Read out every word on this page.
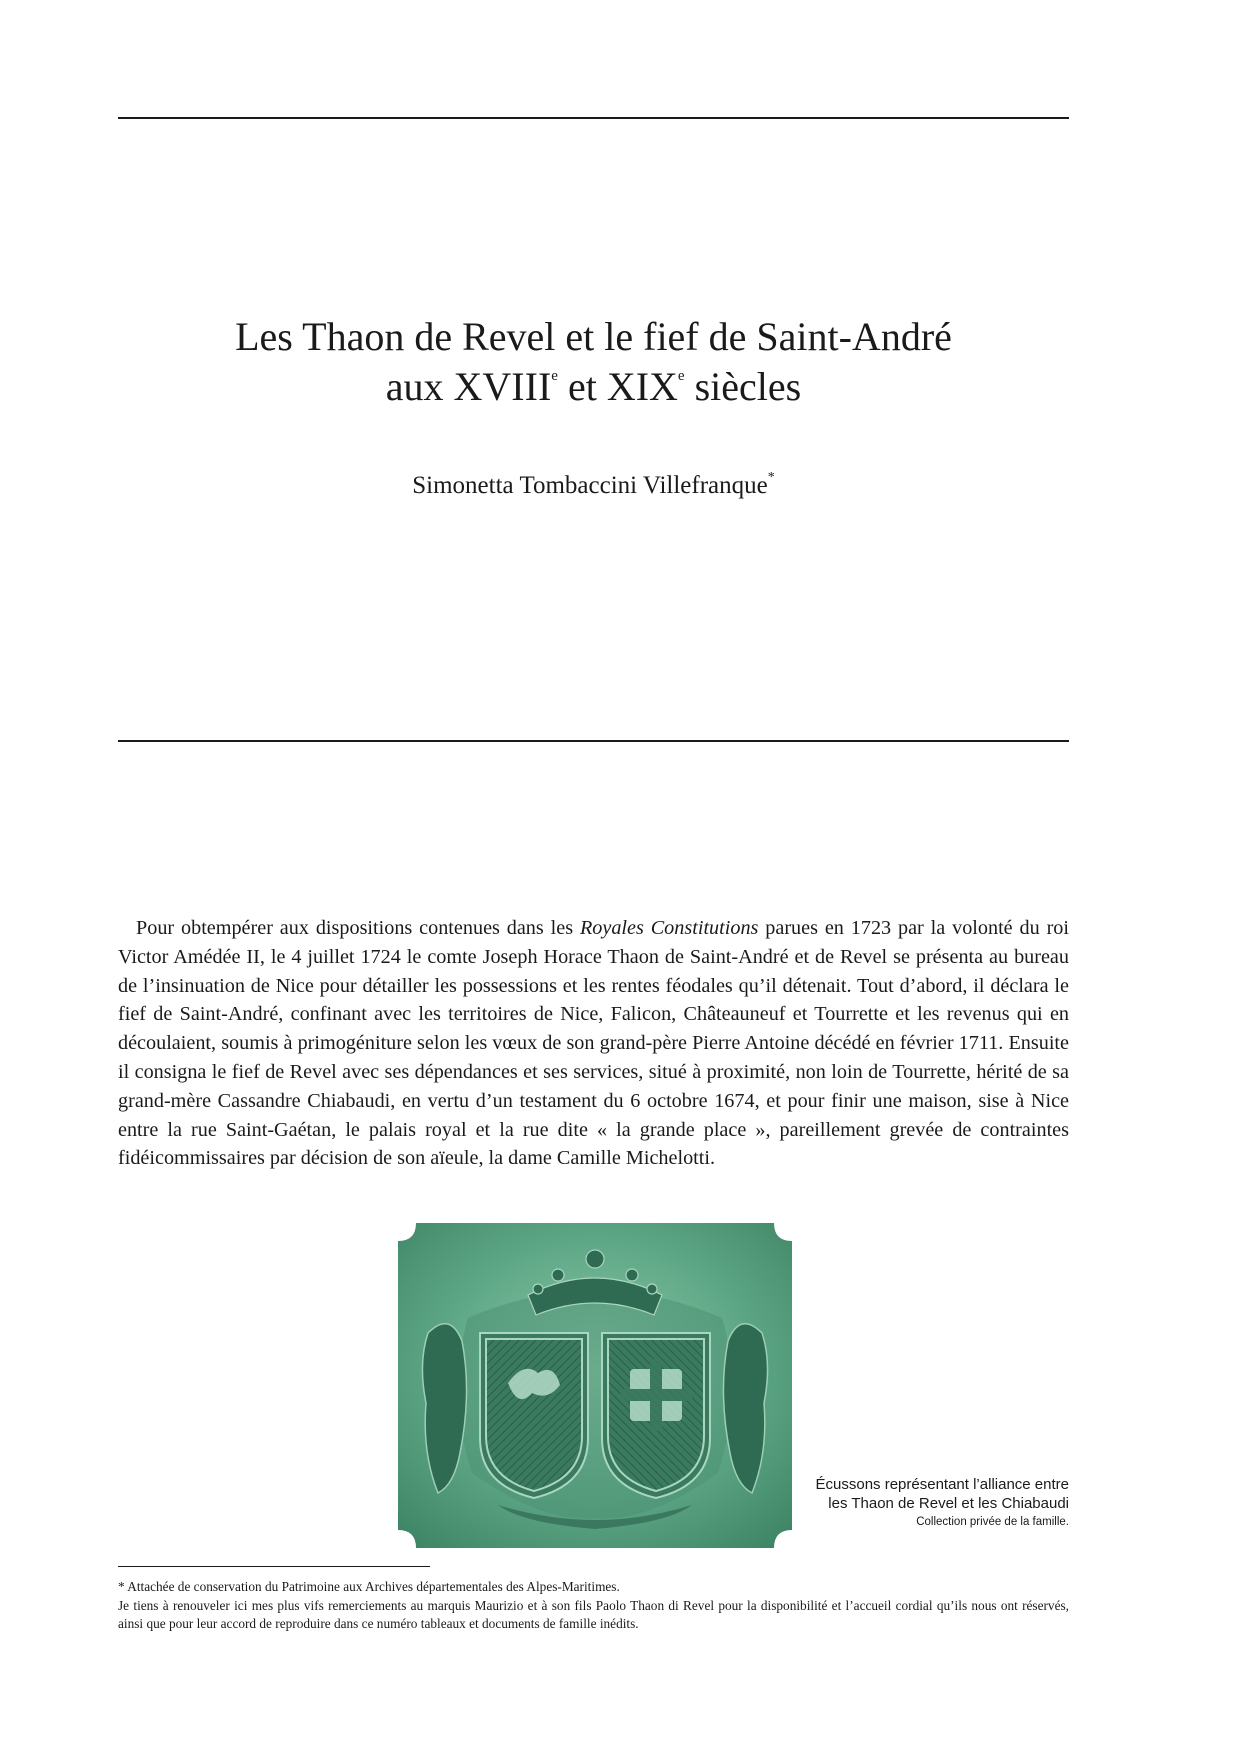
Les Thaon de Revel et le fief de Saint-André
aux XVIIIe et XIXe siècles
Simonetta Tombaccini Villefranque*

Pour obtempérer aux dispositions contenues dans les Royales Constitutions parues en 1723 par la volonté du roi Victor Amédée II, le 4 juillet 1724 le comte Joseph Horace Thaon de Saint-André et de Revel se présenta au bureau de l’insinuation de Nice pour détailler les possessions et les rentes féodales qu’il détenait. Tout d’abord, il déclara le fief de Saint-André, confinant avec les territoires de Nice, Falicon, Châteauneuf et Tourrette et les revenus qui en découlaient, soumis à primogéniture selon les vœux de son grand-père Pierre Antoine décédé en février 1711. Ensuite il consigna le fief de Revel avec ses dépendances et ses services, situé à proximité, non loin de Tourrette, hérité de sa grand-mère Cassandre Chiabaudi, en vertu d’un testament du 6 octobre 1674, et pour finir une maison, sise à Nice entre la rue Saint-Gaétan, le palais royal et la rue dite « la grande place », pareillement grevée de contraintes fidéicommissaires par décision de son aïeule, la dame Camille Michelotti.

Écussons représentant l’alliance entre les Thaon de Revel et les Chiabaudi
Collection privée de la famille.

* Attachée de conservation du Patrimoine aux Archives départementales des Alpes-Maritimes.

Je tiens à renouveler ici mes plus vifs remerciements au marquis Maurizio et à son fils Paolo Thaon di Revel pour la disponibilité et l’accueil cordial qu’ils nous ont réservés, ainsi que pour leur accord de reproduire dans ce numéro tableaux et documents de famille inédits.
